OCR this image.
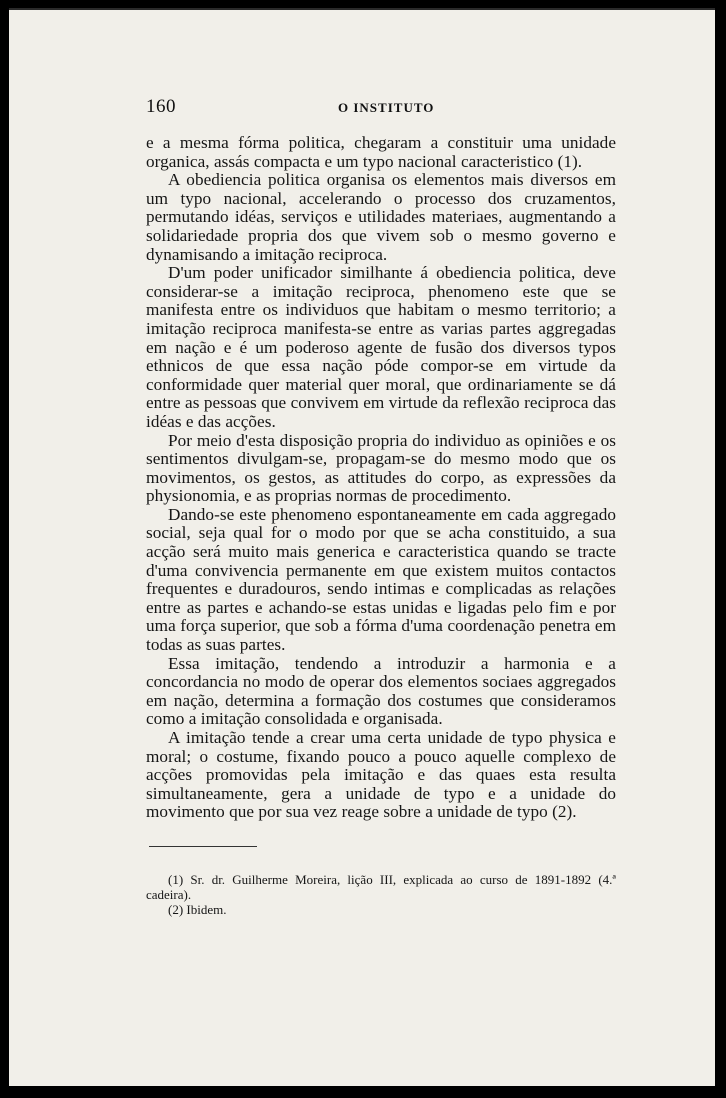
160	O INSTITUTO

e a mesma fórma politica, chegaram a constituir uma unidade organica, assás compacta e um typo nacional caracteristico (1).

A obediencia politica organisa os elementos mais diversos em um typo nacional, accelerando o processo dos cruzamentos, permutando idéas, serviços e utilidades materiaes, augmentando a solidariedade propria dos que vivem sob o mesmo governo e dynamisando a imitação reciproca.

D'um poder unificador similhante á obediencia politica, deve considerar-se a imitação reciproca, phenomeno este que se manifesta entre os individuos que habitam o mesmo territorio; a imitação reciproca manifesta-se entre as varias partes aggregadas em nação e é um poderoso agente de fusão dos diversos typos ethnicos de que essa nação póde compor-se em virtude da conformidade quer material quer moral, que ordinariamente se dá entre as pessoas que convivem em virtude da reflexão reciproca das idéas e das acções.

Por meio d'esta disposição propria do individuo as opiniões e os sentimentos divulgam-se, propagam-se do mesmo modo que os movimentos, os gestos, as attitudes do corpo, as expressões da physionomia, e as proprias normas de procedimento.

Dando-se este phenomeno espontaneamente em cada aggregado social, seja qual for o modo por que se acha constituido, a sua acção será muito mais generica e caracteristica quando se tracte d'uma convivencia permanente em que existem muitos contactos frequentes e duradouros, sendo intimas e complicadas as relações entre as partes e achando-se estas unidas e ligadas pelo fim e por uma força superior, que sob a fórma d'uma coordenação penetra em todas as suas partes.

Essa imitação, tendendo a introduzir a harmonia e a concordancia no modo de operar dos elementos sociaes aggregados em nação, determina a formação dos costumes que consideramos como a imitação consolidada e organisada.

A imitação tende a crear uma certa unidade de typo physica e moral; o costume, fixando pouco a pouco aquelle complexo de acções promovidas pela imitação e das quaes esta resulta simultaneamente, gera a unidade de typo e a unidade do movimento que por sua vez reage sobre a unidade de typo (2).

(1) Sr. dr. Guilherme Moreira, lição III, explicada ao curso de 1891-1892 (4.ª cadeira).

(2) Ibidem.
